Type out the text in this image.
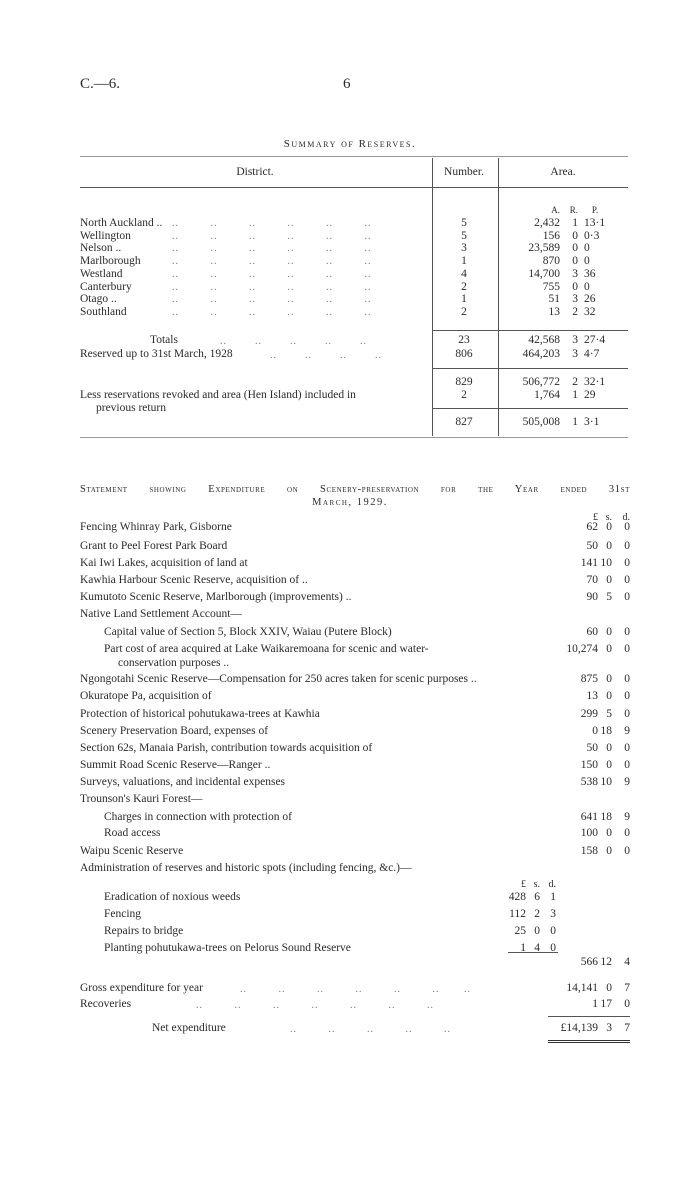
C.—6.	6
Summary of Reserves.
District.	Number.	Area.
A.	R.	P.
North Auckland .. ..         ..         ..         ..         ..         ..	5	2,432	1 13·1
Wellington	..         ..         ..         ..         ..         ..	5	156	0 0·3
Nelson ..	..         ..         ..         ..         ..         ..	3	23,589	0 0
Marlborough	..         ..         ..         ..         ..         ..	1	870	0 0
Westland	..         ..         ..         ..         ..         ..	4	14,700	3 36
Canterbury	..         ..         ..         ..         ..         ..	2	755	0 0
Otago ..	..         ..         ..         ..         ..         ..	1	51	3 26
Southland	..         ..         ..         ..         ..         ..	2	13	2 32
Totals	..        ..        ..        ..        ..	23	42,568	3 27·4
Reserved up to 31st March, 1928	..        ..        ..        ..	806	464,203	3 4·7
829	506,772	2 32·1
Less reservations revoked and area (Hen Island) included in
previous return
2	1,764	1 29
827	505,008	1 3·1
Statement showing Expenditure on Scenery-preservation for the Year ended 31st
March, 1929.
£ s.	d.
Fencing Whinray Park, Gisborne	62 0	0
Grant to Peel Forest Park Board	50 0	0
Kai Iwi Lakes, acquisition of land at	141 10	0
Kawhia Harbour Scenic Reserve, acquisition of ..	70 0	0
Kumutoto Scenic Reserve, Marlborough (improvements) ..	90 5	0
Native Land Settlement Account—
Capital value of Section 5, Block XXIV, Waiau (Putere Block)	60 0	0
Part cost of area acquired at Lake Waikaremoana for scenic and water-	10,274 0	0
conservation purposes ..
Ngongotahi Scenic Reserve—Compensation for 250 acres taken for scenic purposes ..	875 0	0
Okuratope Pa, acquisition of	13 0	0
Protection of historical pohutukawa-trees at Kawhia	299 5	0
Scenery Preservation Board, expenses of	0 18	9
Section 62s, Manaia Parish, contribution towards acquisition of	50 0	0
Summit Road Scenic Reserve—Ranger ..	150 0	0
Surveys, valuations, and incidental expenses	538 10	9
Trounson's Kauri Forest—
Charges in connection with protection of	641 18	9
Road access	100 0	0
Waipu Scenic Reserve	158 0	0
Administration of reserves and historic spots (including fencing, &c.)—
£ s. d.
Eradication of noxious weeds	428 6 1
Fencing	112 2 3
Repairs to bridge	25 0 0
Planting pohutukawa-trees on Pelorus Sound Reserve	1 4 0
566 12	4
Gross expenditure for year	..         ..         ..         ..         ..         ..       ..	14,141 0	7
Recoveries	..         ..         ..         ..         ..         ..         ..	1 17	0
Net expenditure	..         ..         ..         ..         ..	£14,139 3	7
